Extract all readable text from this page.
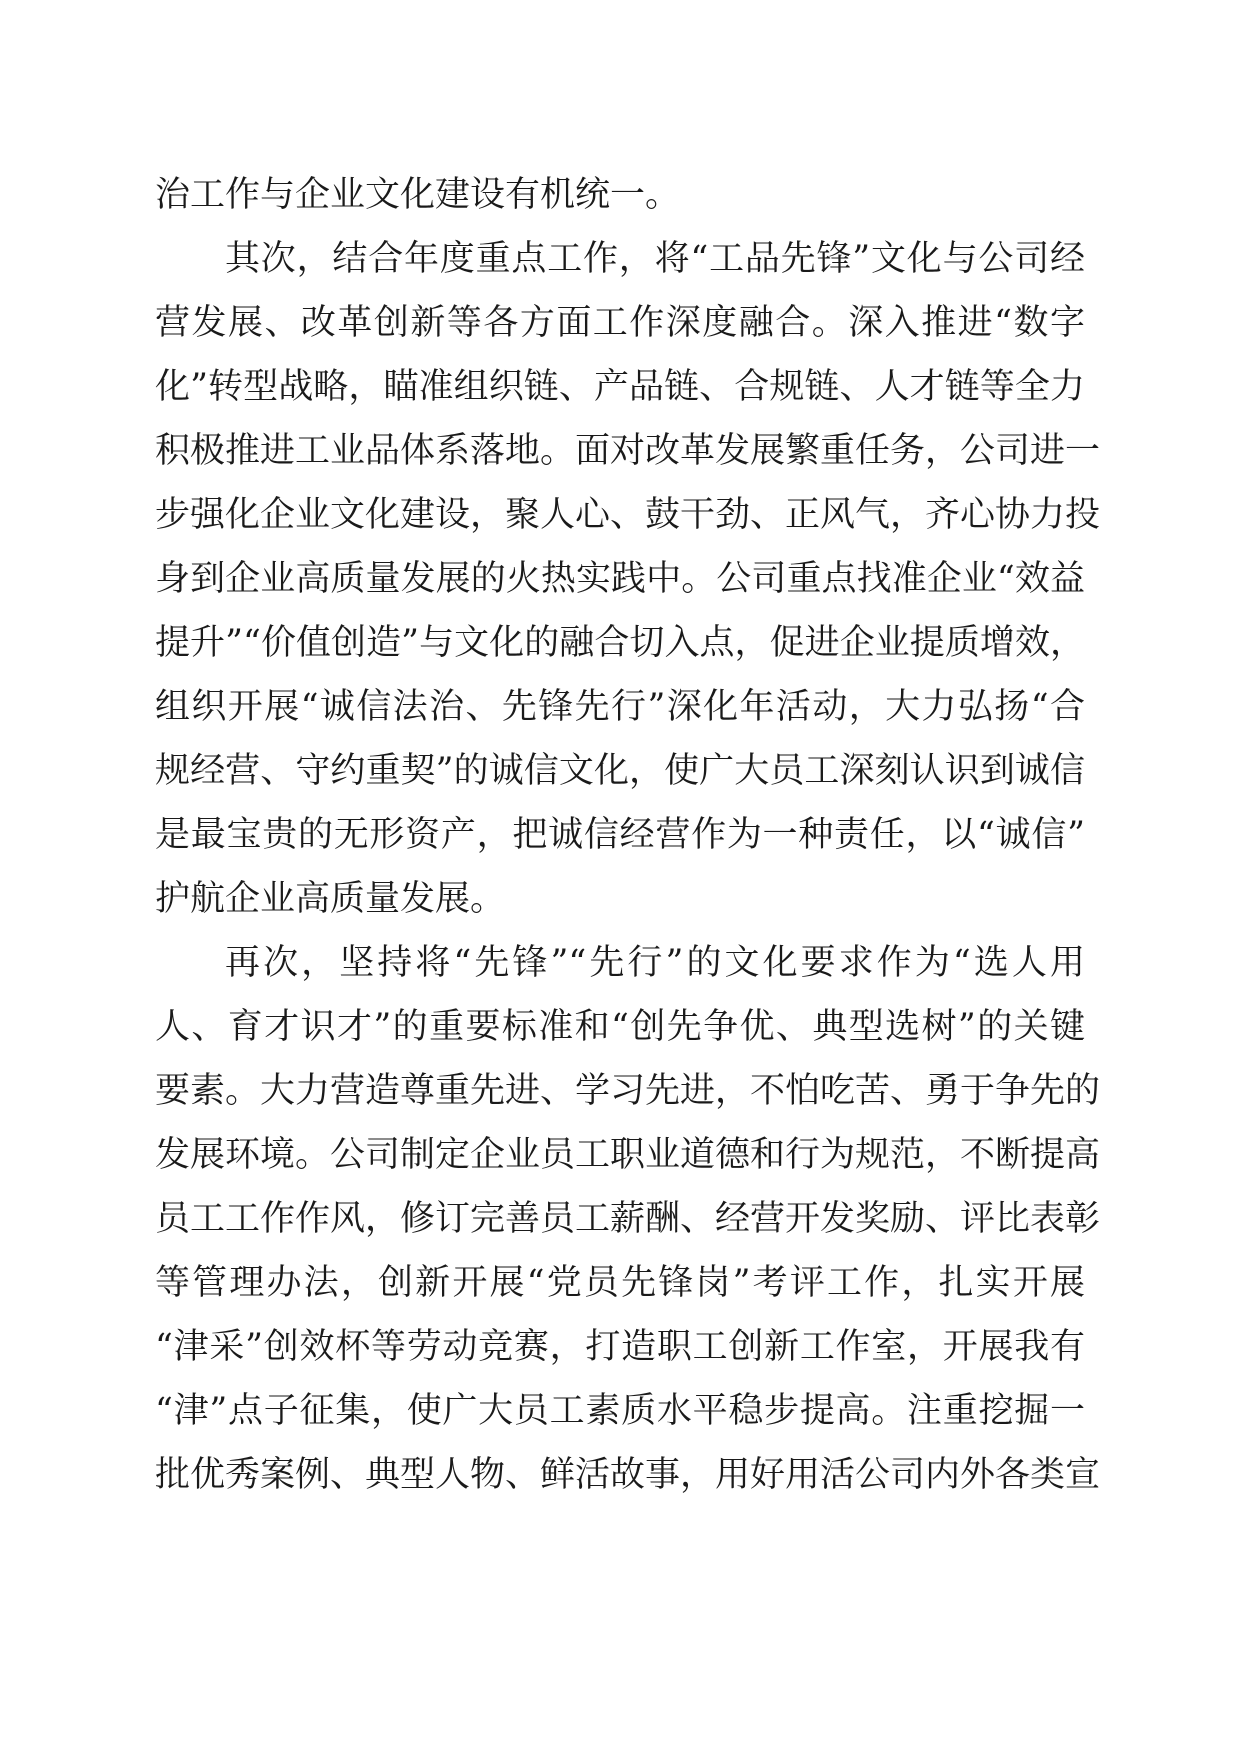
治工作与企业文化建设有机统一。
其次，结合年度重点工作，将“工品先锋”文化与公司经
营发展、改革创新等各方面工作深度融合。深入推进“数字
化”转型战略，瞄准组织链、产品链、合规链、人才链等全力
积极推进工业品体系落地。面对改革发展繁重任务，公司进一
步强化企业文化建设，聚人心、鼓干劲、正风气，齐心协力投
身到企业高质量发展的火热实践中。公司重点找准企业“效益
提升”“价值创造”与文化的融合切入点，促进企业提质增效，
组织开展“诚信法治、先锋先行”深化年活动，大力弘扬“合
规经营、守约重契”的诚信文化，使广大员工深刻认识到诚信
是最宝贵的无形资产，把诚信经营作为一种责任，以“诚信”
护航企业高质量发展。
再次，坚持将“先锋”“先行”的文化要求作为“选人用
人、育才识才”的重要标准和“创先争优、典型选树”的关键
要素。大力营造尊重先进、学习先进，不怕吃苦、勇于争先的
发展环境。公司制定企业员工职业道德和行为规范，不断提高
员工工作作风，修订完善员工薪酬、经营开发奖励、评比表彰
等管理办法，创新开展“党员先锋岗”考评工作，扎实开展
“津采”创效杯等劳动竞赛，打造职工创新工作室，开展我有
“津”点子征集，使广大员工素质水平稳步提高。注重挖掘一
批优秀案例、典型人物、鲜活故事，用好用活公司内外各类宣
